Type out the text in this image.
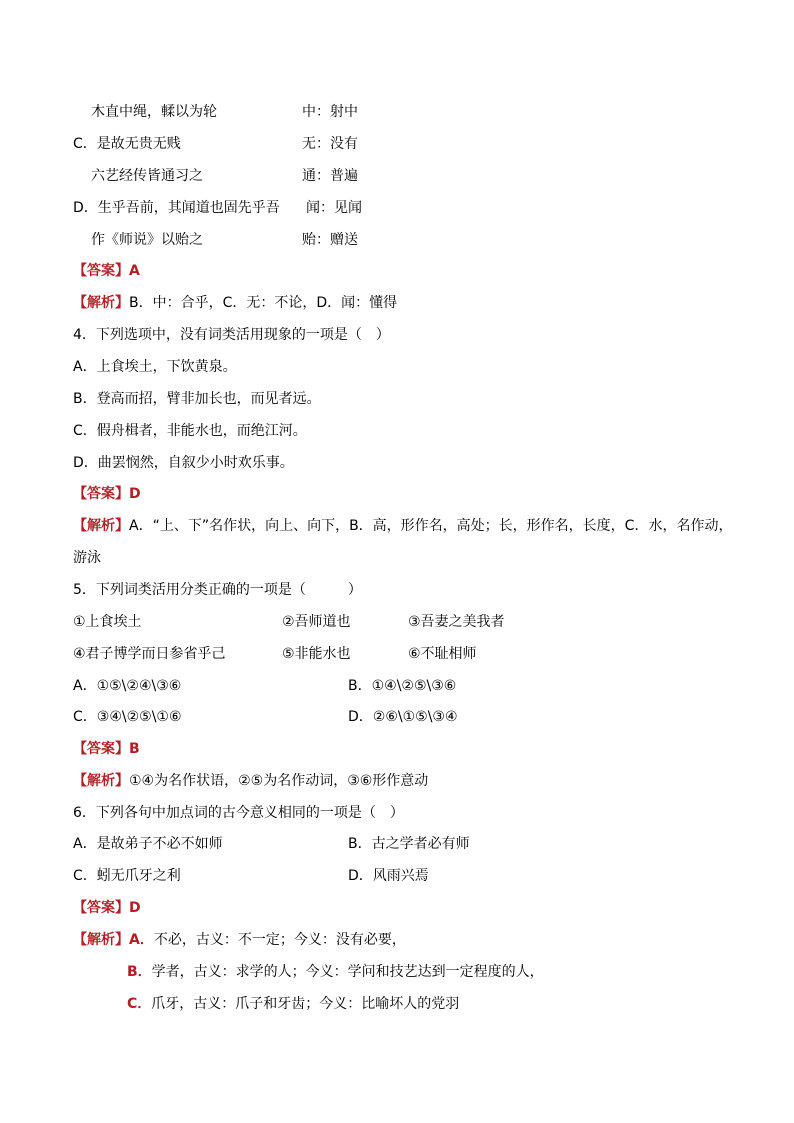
木直中绳，輮以为轮	中：射中
C．是故无贵无贱	无：没有
六艺经传皆通习之	通：普遍
D．生乎吾前，其闻道也固先乎吾 闻：见闻
作《师说》以贻之	贻：赠送
【答案】A
【解析】B．中：合乎，C．无：不论，D．闻：懂得
4．下列选项中，没有词类活用现象的一项是（　）
A．上食埃土，下饮黄泉。
B．登高而招，臂非加长也，而见者远。
C．假舟楫者，非能水也，而绝江河。
D．曲罢悯然，自叙少小时欢乐事。
【答案】D
【解析】A．“上、下”名作状，向上、向下，B．高，形作名，高处；长，形作名，长度，C．水，名作动，
游泳
5．下列词类活用分类正确的一项是（　　　）
①上食埃土	②吾师道也	③吾妻之美我者
④君子博学而日参省乎己	⑤非能水也	⑥不耻相师
A．①⑤\②④\③⑥	B．①④\②⑤\③⑥
C．③④\②⑤\①⑥	D．②⑥\①⑤\③④
【答案】B
【解析】①④为名作状语，②⑤为名作动词，③⑥形作意动
6．下列各句中加点词的古今意义相同的一项是（　）
A．是故弟子不必不如师	B．古之学者必有师
C．蚓无爪牙之利	D．风雨兴焉
【答案】D
【解析】A．不必，古义：不一定；今义：没有必要，
B．学者，古义：求学的人；今义：学问和技艺达到一定程度的人，
C．爪牙，古义：爪子和牙齿；今义：比喻坏人的党羽
